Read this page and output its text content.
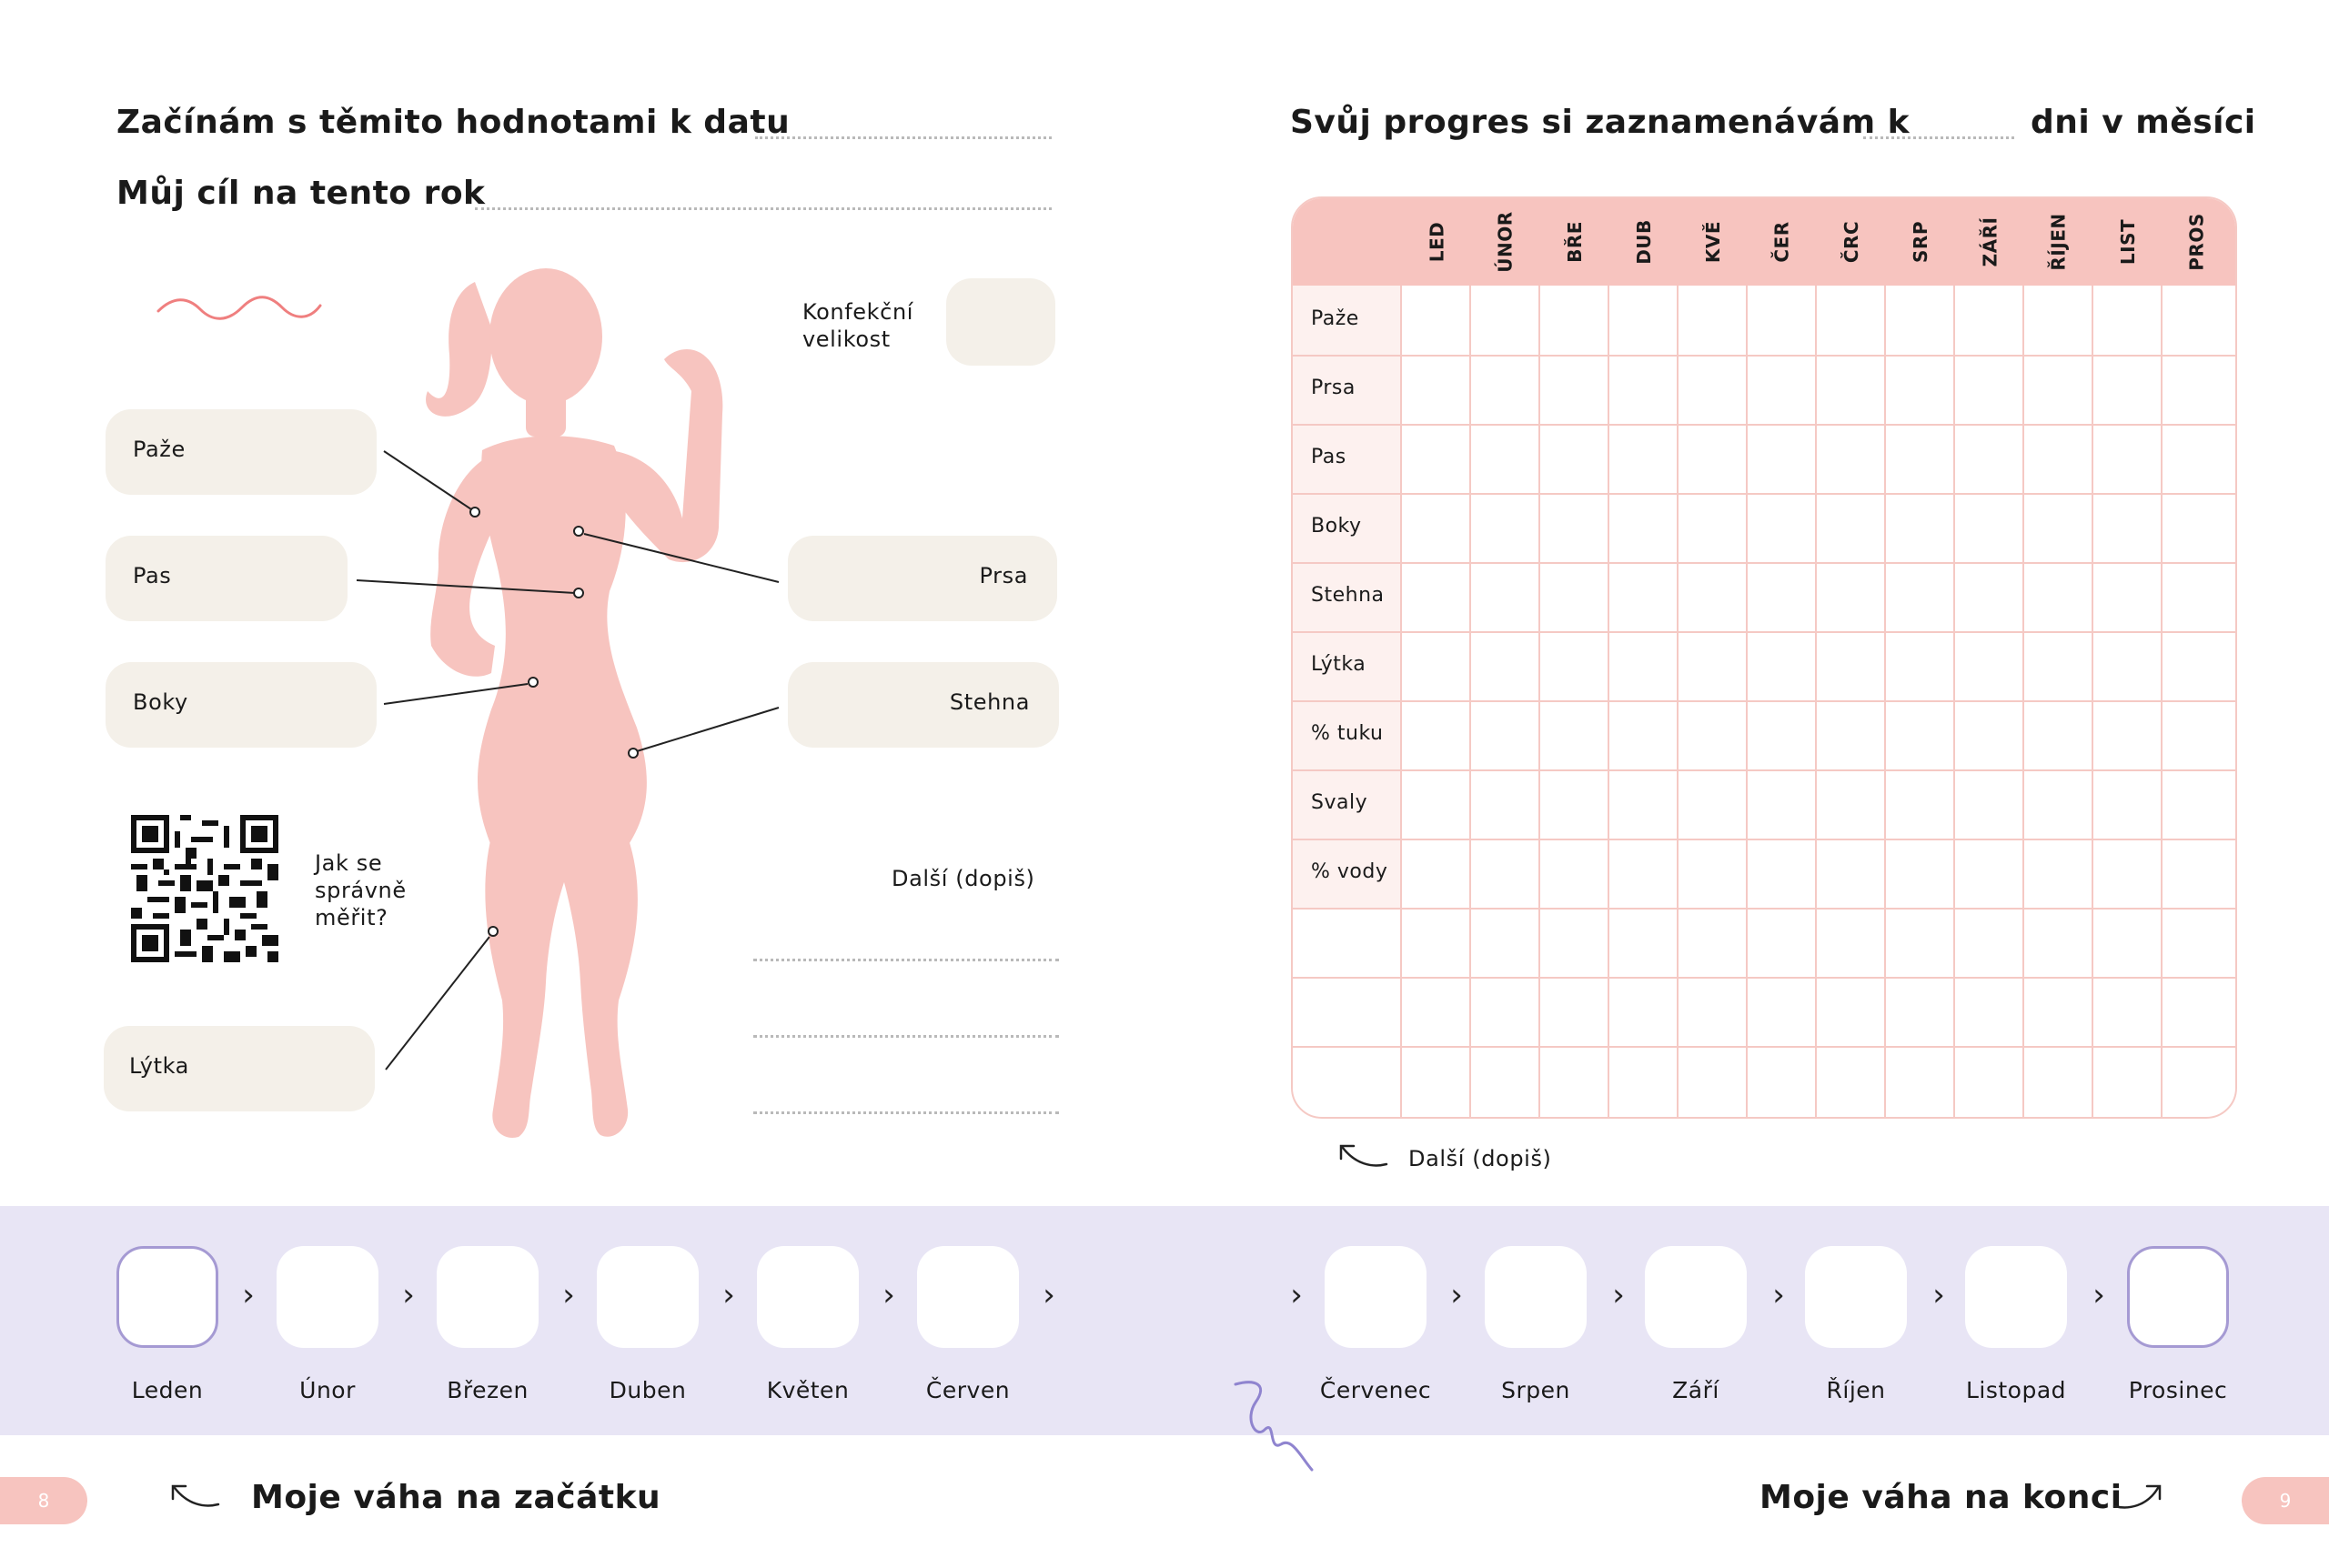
Začínám s těmito hodnotami k datu
Můj cíl na tento rok
Paže
Pas
Boky
Lýtka
Prsa
Stehna
Konfekční velikost
Jak se správně měřit?
Další (dopiš)
Svůj progres si zaznamenávám k	dni v měsíci
LED	ÚNOR	BŘE	DUB	KVĚ	ČER	ČRC	SRP	ZÁŘÍ	ŘÍJEN	LIST	PROS
Paže
Prsa
Pas
Boky
Stehna
Lýtka
% tuku
Svaly
% vody
Další (dopiš)
›	›	›	›	›	›	›	›	›	›	›	›
Leden	Únor	Březen	Duben	Květen	Červen	Červenec	Srpen	Září	Říjen	Listopad	Prosinec
8	Moje váha na začátku	Moje váha na konci	9
